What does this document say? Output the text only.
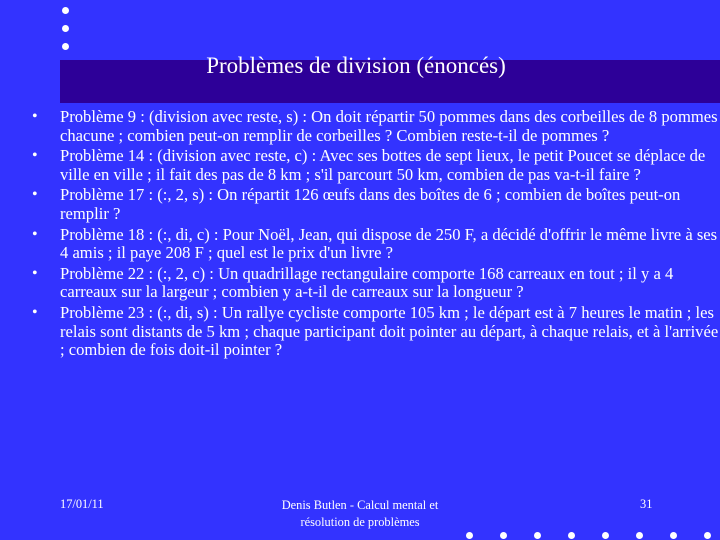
Problèmes de division (énoncés)
• Problème 9 : (division avec reste, s) : On doit répartir 50 pommes dans des corbeilles de 8 pommes chacune ; combien peut-on remplir de corbeilles ? Combien reste-t-il de pommes ?
• Problème 14 : (division avec reste, c) : Avec ses bottes de sept lieux, le petit Poucet se déplace de ville en ville ; il fait des pas de 8 km ; s'il parcourt 50 km, combien de pas va-t-il faire ?
• Problème 17 : (:, 2, s) : On répartit 126 œufs dans des boîtes de 6 ; combien de boîtes peut-on remplir ?
• Problème 18 : (:, di, c) : Pour Noël, Jean, qui dispose de 250 F, a décidé d'offrir le même livre à ses 4 amis ; il paye 208 F ; quel est le prix d'un livre ?
• Problème 22 : (:, 2, c) : Un quadrillage rectangulaire comporte 168 carreaux en tout ; il y a 4 carreaux sur la largeur ; combien y a-t-il de carreaux sur la longueur ?
• Problème 23 : (:, di, s) : Un rallye cycliste comporte 105 km ; le départ est à 7 heures le matin ; les relais sont distants de 5 km ; chaque participant doit pointer au départ, à chaque relais, et à l'arrivée ; combien de fois doit-il pointer ?
17/01/11	Denis Butlen - Calcul mental et résolution de problèmes
31
